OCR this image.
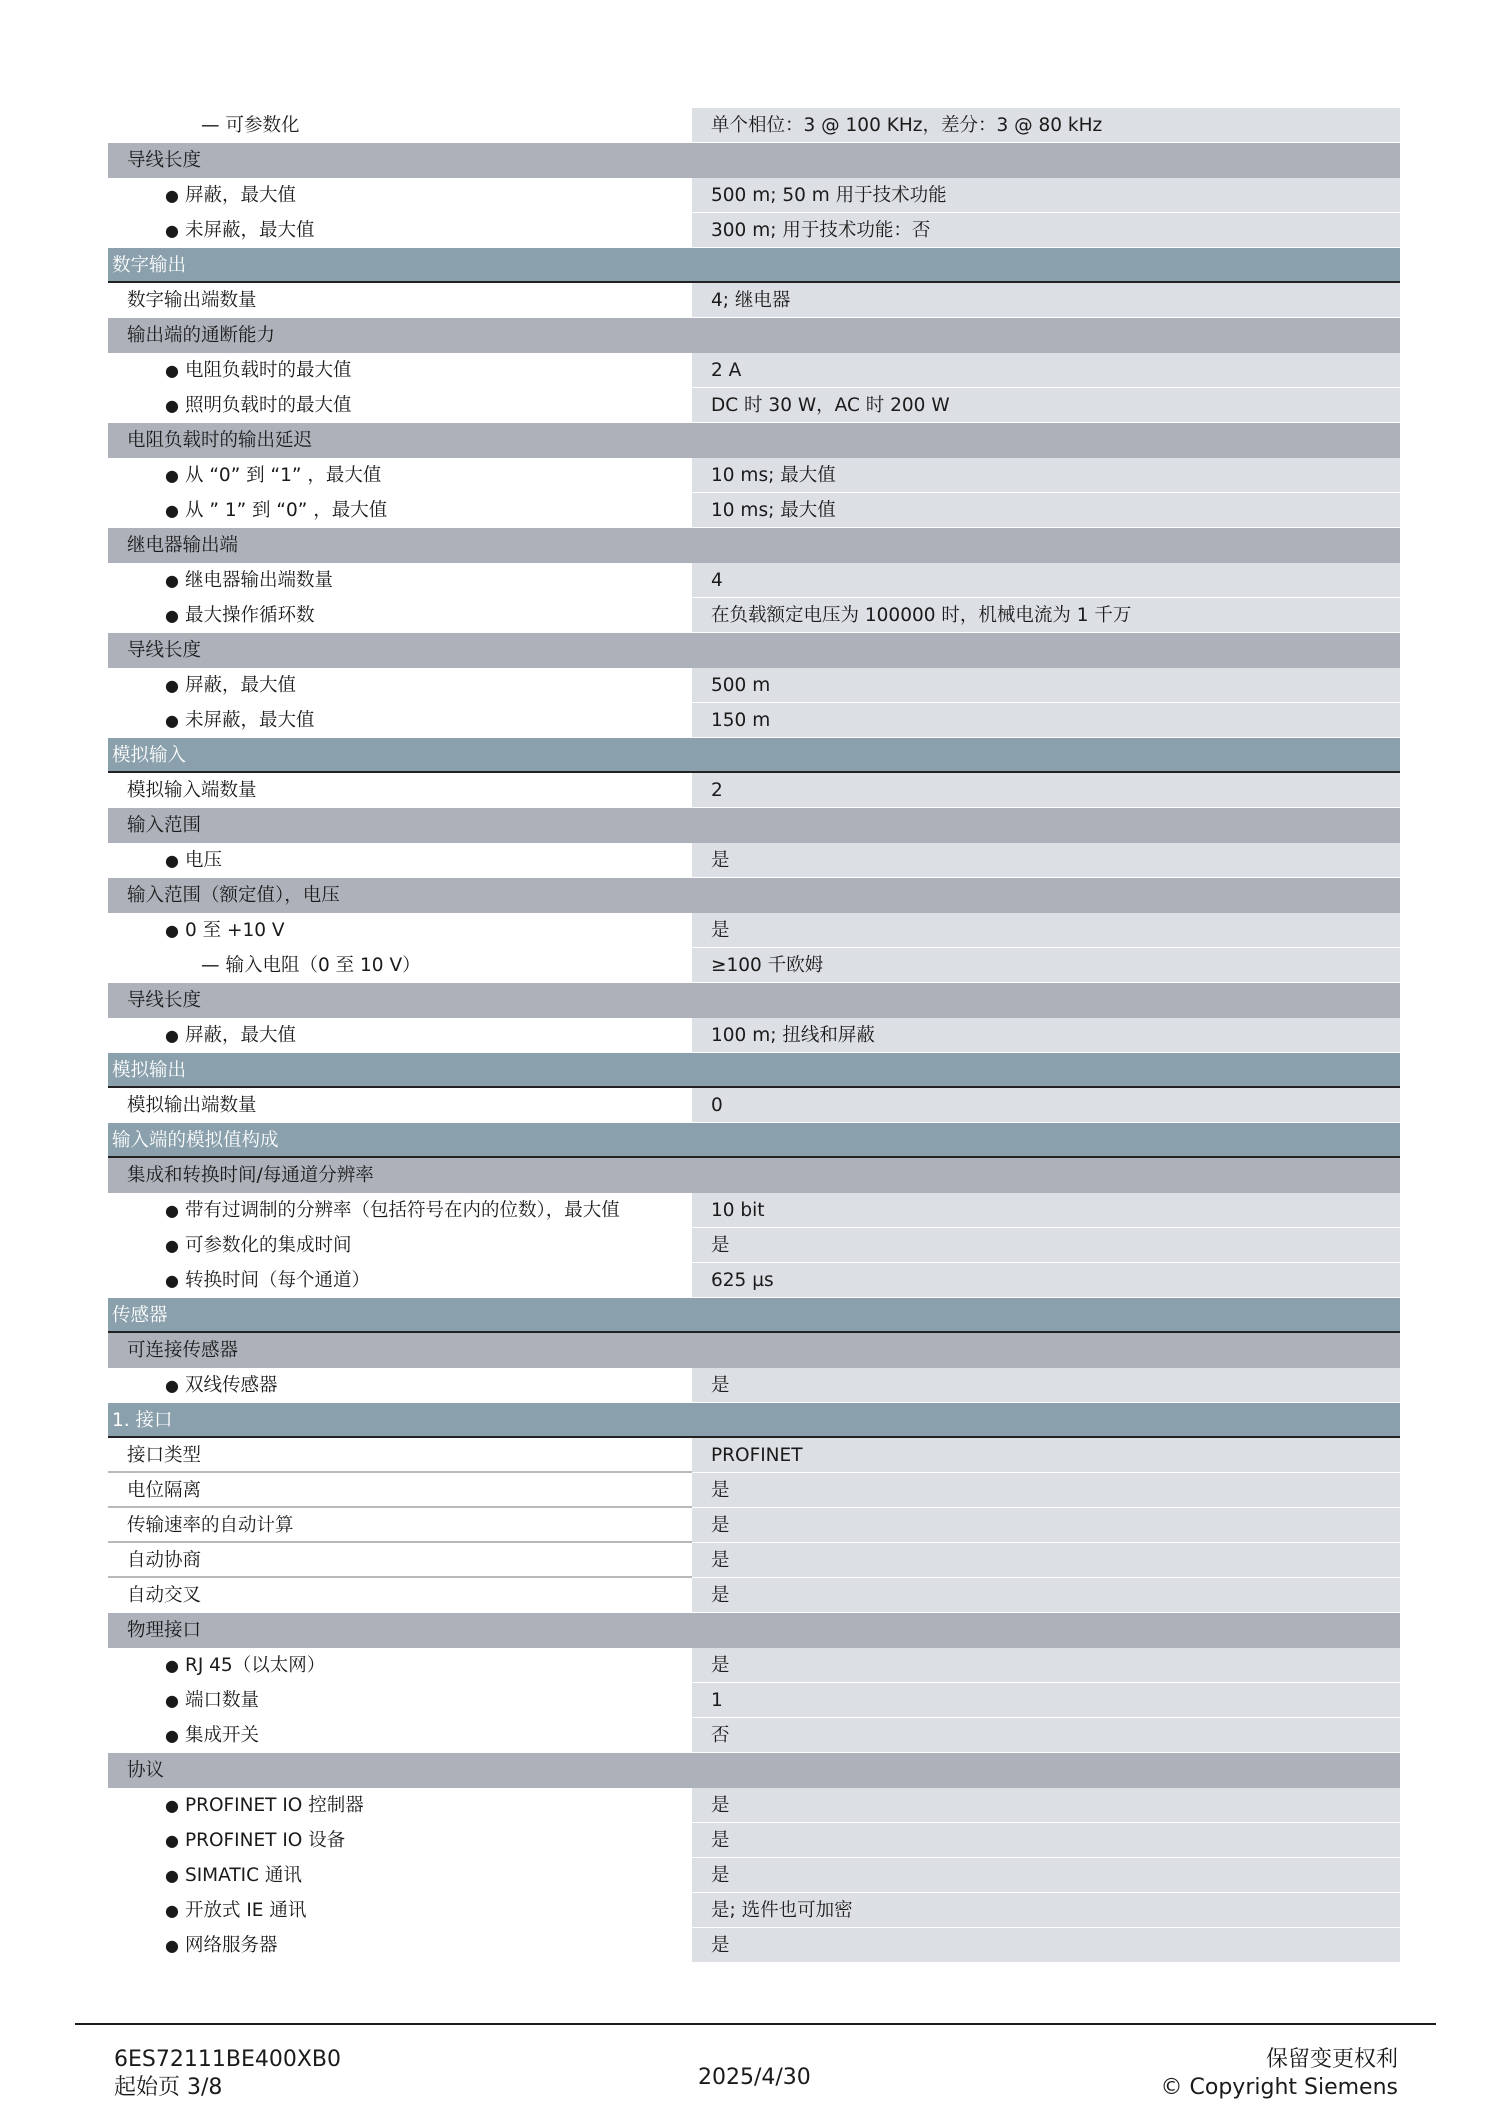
— 可参数化	单个相位：3 @ 100 KHz，差分：3 @ 80 kHz
导线长度
● 屏蔽，最大值	500 m; 50 m 用于技术功能
● 未屏蔽，最大值	300 m; 用于技术功能：否
数字输出
数字输出端数量	4; 继电器
输出端的通断能力
● 电阻负载时的最大值	2 A
● 照明负载时的最大值	DC 时 30 W，AC 时 200 W
电阻负载时的输出延迟
● 从 “0” 到 “1” ，最大值	10 ms; 最大值
● 从 ” 1” 到 “0” ，最大值	10 ms; 最大值
继电器输出端
● 继电器输出端数量	4
● 最大操作循环数	在负载额定电压为 100000 时，机械电流为 1 千万
导线长度
● 屏蔽，最大值	500 m
● 未屏蔽，最大值	150 m
模拟输入
模拟输入端数量	2
输入范围
● 电压	是
输入范围（额定值），电压
● 0 至 +10 V	是
— 输入电阻（0 至 10 V）	≥100 千欧姆
导线长度
● 屏蔽，最大值	100 m; 扭线和屏蔽
模拟输出
模拟输出端数量	0
输入端的模拟值构成
集成和转换时间/每通道分辨率
● 带有过调制的分辨率（包括符号在内的位数），最大值	10 bit
● 可参数化的集成时间	是
● 转换时间（每个通道）	625 µs
传感器
可连接传感器
● 双线传感器	是
1. 接口
接口类型	PROFINET
电位隔离	是
传输速率的自动计算	是
自动协商	是
自动交叉	是
物理接口
● RJ 45（以太网）	是
● 端口数量	1
● 集成开关	否
协议
● PROFINET IO 控制器	是
● PROFINET IO 设备	是
● SIMATIC 通讯	是
● 开放式 IE 通讯	是; 选件也可加密
● 网络服务器	是
6ES72111BE400XB0
起始页 3/8	2025/4/30
保留变更权利
© Copyright Siemens
